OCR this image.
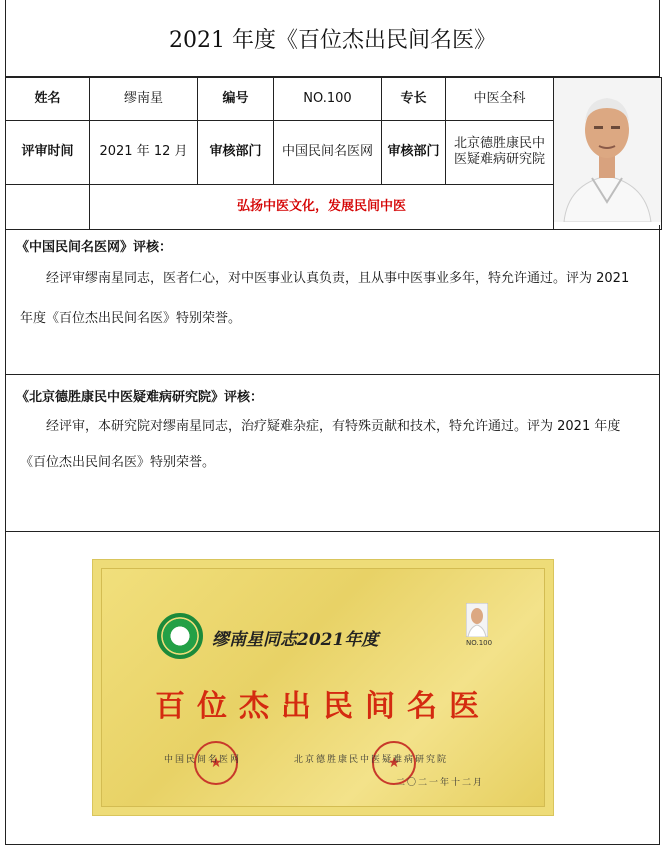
2021 年度《百位杰出民间名医》
姓名	缪南星	编号	NO.100	专长	中医全科	
评审时间	2021 年 12 月	审核部门	中国民间名医网	审核部门	北京德胜康民中医疑难病研究院	
	弘扬中医文化，发展民间中医					
《中国民间名医网》评核：
经评审缪南星同志，医者仁心，对中医事业认真负责，且从事中医事业多年，特允许通过。评为 2021 年度《百位杰出民间名医》特别荣誉。
《北京德胜康民中医疑难病研究院》评核：
经评审，本研究院对缪南星同志，治疗疑难杂症，有特殊贡献和技术，特允许通过。评为 2021 年度《百位杰出民间名医》特别荣誉。
缪南星同志2021年度	NO.100
百位杰出民间名医
★
★
中国民间名医网	北京德胜康民中医疑难病研究院
二〇二一年十二月
